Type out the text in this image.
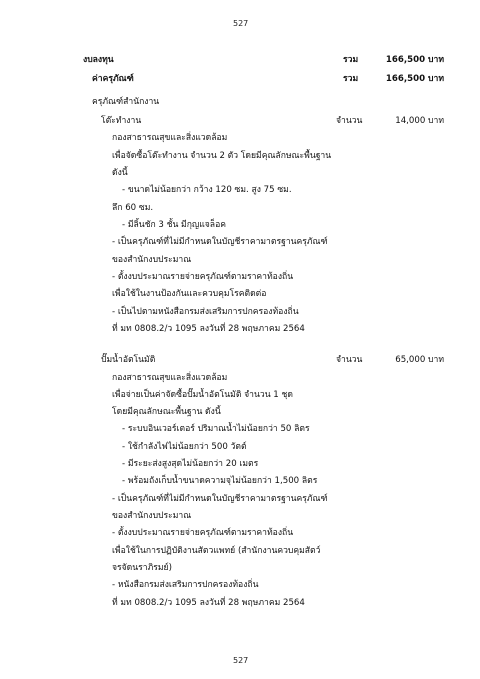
527
งบลงทุน	รวม	166,500 บาท
ค่าครุภัณฑ์	รวม	166,500 บาท
ครุภัณฑ์สำนักงาน
โต๊ะทำงาน	จำนวน	14,000 บาท
กองสาธารณสุขและสิ่งแวดล้อม
เพื่อจัดซื้อโต๊ะทำงาน จำนวน 2 ตัว โดยมีคุณลักษณะพื้นฐาน
ดังนี้
- ขนาดไม่น้อยกว่า กว้าง 120 ซม. สูง 75 ซม.
ลึก 60 ซม.
- มีลิ้นชัก 3 ชั้น มีกุญแจล็อค
- เป็นครุภัณฑ์ที่ไม่มีกำหนดในบัญชีราคามาตรฐานครุภัณฑ์
ของสำนักงบประมาณ
- ตั้งงบประมาณรายจ่ายครุภัณฑ์ตามราคาท้องถิ่น
เพื่อใช้ในงานป้องกันและควบคุมโรคติดต่อ
- เป็นไปตามหนังสือกรมส่งเสริมการปกครองท้องถิ่น
ที่ มท 0808.2/ว 1095 ลงวันที่ 28 พฤษภาคม 2564
ปั๊มน้ำอัตโนมัติ	จำนวน	65,000 บาท
กองสาธารณสุขและสิ่งแวดล้อม
เพื่อจ่ายเป็นค่าจัดซื้อปั๊มน้ำอัตโนมัติ จำนวน 1 ชุด
โดยมีคุณลักษณะพื้นฐาน ดังนี้
- ระบบอินเวอร์เตอร์ ปริมาณน้ำไม่น้อยกว่า 50 ลิตร
- ใช้กำลังไฟไม่น้อยกว่า 500 วัตต์
- มีระยะส่งสูงสุดไม่น้อยกว่า 20 เมตร
- พร้อมถังเก็บน้ำขนาดความจุไม่น้อยกว่า 1,500 ลิตร
- เป็นครุภัณฑ์ที่ไม่มีกำหนดในบัญชีราคามาตรฐานครุภัณฑ์
ของสำนักงบประมาณ
- ตั้งงบประมาณรายจ่ายครุภัณฑ์ตามราคาท้องถิ่น
เพื่อใช้ในการปฏิบัติงานสัตวแพทย์ (สำนักงานควบคุมสัตว์
จรจัดนราภิรมย์)
- หนังสือกรมส่งเสริมการปกครองท้องถิ่น
ที่ มท 0808.2/ว 1095 ลงวันที่ 28 พฤษภาคม 2564
527
